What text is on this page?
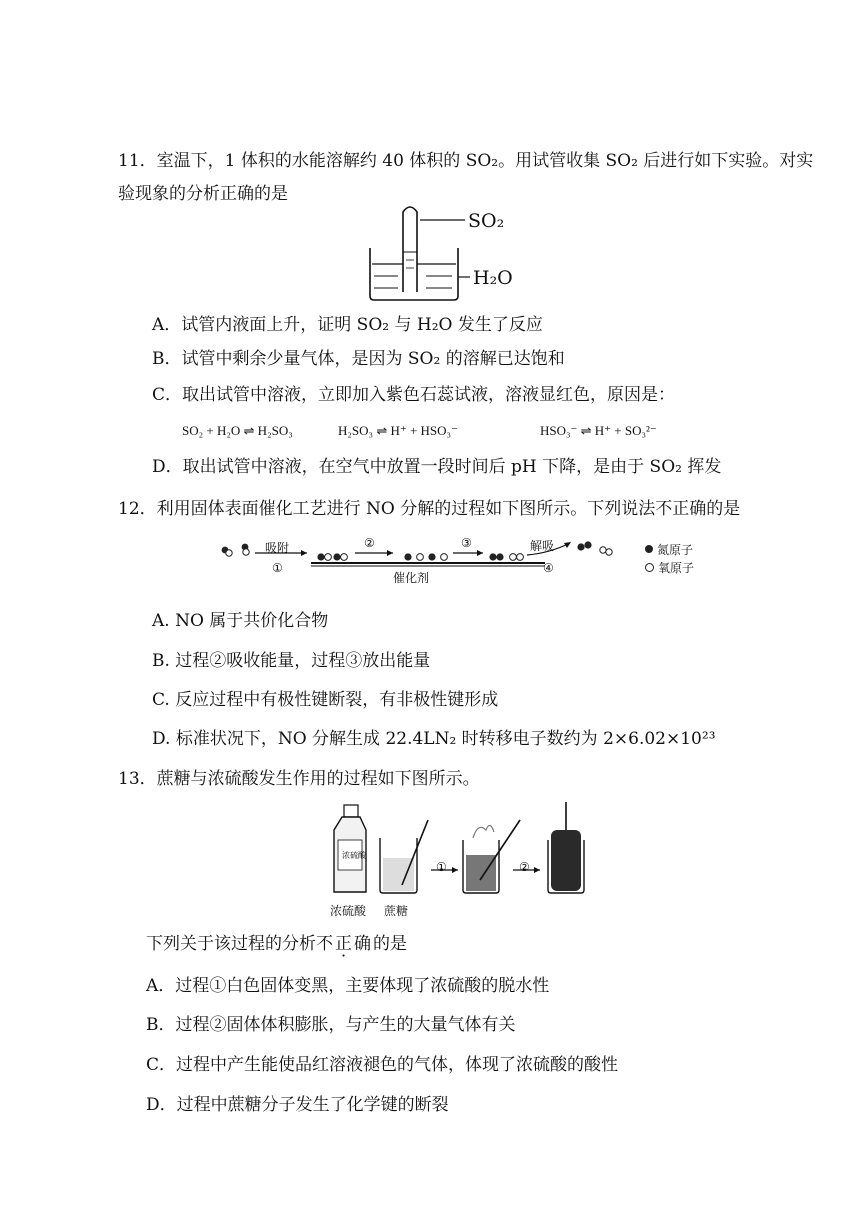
11．室温下，1 体积的水能溶解约 40 体积的 SO₂。用试管收集 SO₂ 后进行如下实验。对实
验现象的分析正确的是
SO₂
H₂O
A．试管内液面上升，证明 SO₂ 与 H₂O 发生了反应
B．试管中剩余少量气体，是因为 SO₂ 的溶解已达饱和
C．取出试管中溶液，立即加入紫色石蕊试液，溶液显红色，原因是：
SO₂ + H₂O ⇌ H₂SO₃	H₂SO₃ ⇌ H⁺ + HSO₃⁻	HSO₃⁻ ⇌ H⁺ + SO₃²⁻
D．取出试管中溶液，在空气中放置一段时间后 pH 下降，是由于 SO₂ 挥发
12．利用固体表面催化工艺进行 NO 分解的过程如下图所示。下列说法不正确的是
吸附
①
②	③	解吸
④
催化剂
氮原子
氧原子
A. NO 属于共价化合物
B. 过程②吸收能量，过程③放出能量
C. 反应过程中有极性键断裂，有非极性键形成
D. 标准状况下，NO 分解生成 22.4LN₂ 时转移电子数约为 2×6.02×10²³
13．蔗糖与浓硫酸发生作用的过程如下图所示。
浓硫酸
①	②
浓硫酸 蔗糖
下列关于该过程的分析不正确的是
A．过程①白色固体变黑，主要体现了浓硫酸的脱水性
B．过程②固体体积膨胀，与产生的大量气体有关
C．过程中产生能使品红溶液褪色的气体，体现了浓硫酸的酸性
D．过程中蔗糖分子发生了化学键的断裂
